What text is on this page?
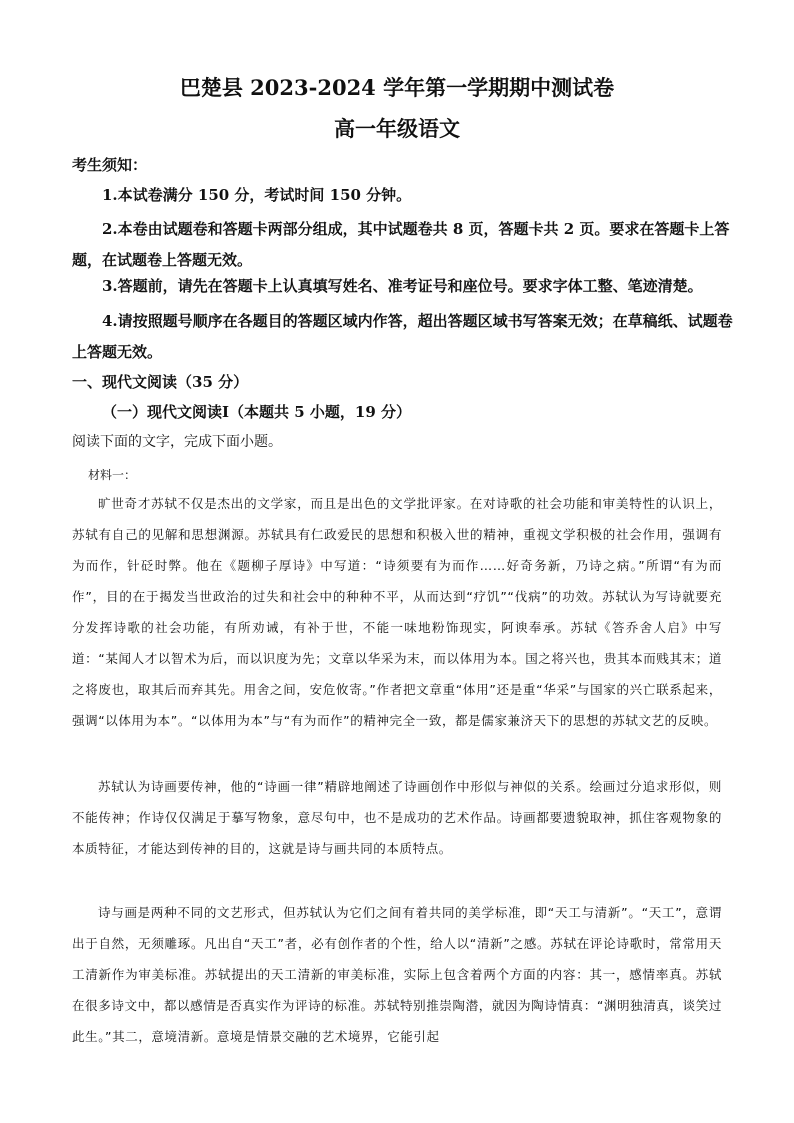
巴楚县 2023-2024 学年第一学期期中测试卷
高一年级语文
考生须知：
1.本试卷满分 150 分，考试时间 150 分钟。
2.本卷由试题卷和答题卡两部分组成，其中试题卷共 8 页，答题卡共 2 页。要求在答题卡上答题，在试题卷上答题无效。
3.答题前，请先在答题卡上认真填写姓名、准考证号和座位号。要求字体工整、笔迹清楚。
4.请按照题号顺序在各题目的答题区域内作答，超出答题区域书写答案无效；在草稿纸、试题卷上答题无效。
一、现代文阅读（35 分）
（一）现代文阅读Ⅰ（本题共 5 小题，19 分）
阅读下面的文字，完成下面小题。
材料一：
旷世奇才苏轼不仅是杰出的文学家，而且是出色的文学批评家。在对诗歌的社会功能和审美特性的认识上，苏轼有自己的见解和思想渊源。苏轼具有仁政爱民的思想和积极入世的精神，重视文学积极的社会作用，强调有为而作，针砭时弊。他在《题柳子厚诗》中写道：“诗须要有为而作……好奇务新，乃诗之病。”所谓“有为而作”，目的在于揭发当世政治的过失和社会中的种种不平，从而达到“疗饥”“伐病”的功效。苏轼认为写诗就要充分发挥诗歌的社会功能，有所劝诫，有补于世，不能一味地粉饰现实，阿谀奉承。苏轼《答乔舍人启》中写道：“某闻人才以智术为后，而以识度为先；文章以华采为末，而以体用为本。国之将兴也，贵其本而贱其末；道之将废也，取其后而弃其先。用舍之间，安危攸寄。”作者把文章重“体用”还是重“华采”与国家的兴亡联系起来，强调“以体用为本”。“以体用为本”与“有为而作”的精神完全一致，都是儒家兼济天下的思想的苏轼文艺的反映。
苏轼认为诗画要传神，他的“诗画一律”精辟地阐述了诗画创作中形似与神似的关系。绘画过分追求形似，则不能传神；作诗仅仅满足于摹写物象，意尽句中，也不是成功的艺术作品。诗画都要遗貌取神，抓住客观物象的本质特征，才能达到传神的目的，这就是诗与画共同的本质特点。
诗与画是两种不同的文艺形式，但苏轼认为它们之间有着共同的美学标准，即“天工与清新”。“天工”，意谓出于自然，无须雕琢。凡出自“天工”者，必有创作者的个性，给人以“清新”之感。苏轼在评论诗歌时，常常用天工清新作为审美标准。苏轼提出的天工清新的审美标准，实际上包含着两个方面的内容：其一，感情率真。苏轼在很多诗文中，都以感情是否真实作为评诗的标准。苏轼特别推崇陶潜，就因为陶诗情真：“渊明独清真，谈笑过此生。”其二，意境清新。意境是情景交融的艺术境界，它能引起
